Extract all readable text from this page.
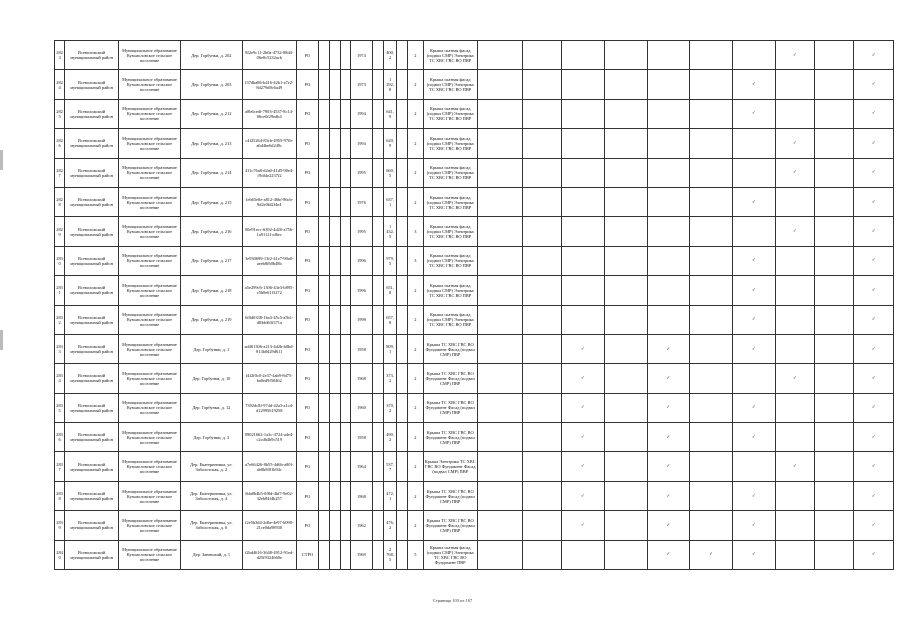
2823	Всеволожский муниципальный район	Муниципальное образование Кузьмоловское сельское поселение	Дер. Горбунки, д. 202	8f2e9c11-2b0a-4732-88d4-06e0c5232acb	РО				1974		400,2		2	Крыша скатная фасад (подвал СМР) Электрика ТС ХВС ГВС ВО ПВР								✓		✓
2824	Всеволожский муниципальный район	Муниципальное образование Кузьмоловское сельское поселение	Дер. Горбунки, д. 203	f37dba86-b416-42b1-a7e2-8d279d8c6a49	РО				1973		1 292,8		2	Крыша скатная фасад (подвал СМР) Электрика ТС ХВС ГВС ВО ПВР							✓			✓
2825	Всеволожский муниципальный район	Муниципальное образование Кузьмоловское сельское поселение	Дер. Горбунки, д. 212	a8b6cedf-7903-4537-8c14-06ce0f29edb4	РО				1994		641,9		2	Крыша скатная фасад (подвал СМР) Электрика ТС ХВС ГВС ВО ПВР							✓			✓
2826	Всеволожский муниципальный район	Муниципальное образование Кузьмоловское сельское поселение	Дер. Горбунки, д. 213	c4f25264-83cb-4955-97fb-a6d4be6d249c	РО				1994		620,9		2	Крыша скатная фасад (подвал СМР) Электрика ТС ХВС ГВС ВО ПВР								✓		✓
2827	Всеволожский муниципальный район	Муниципальное образование Кузьмоловское сельское поселение	Дер. Горбунки, д. 214	411c76a8-d2a0-41d5-90e4-19df4e2237f2	РО				1995		660,5		2	Крыша скатная фасад (подвал СМР) Электрика ТС ХВС ГВС ВО ПВР								✓		✓
2828	Всеволожский муниципальный район	Муниципальное образование Кузьмоловское сельское поселение	Дер. Горбунки, д. 215	1eb65e0e-a812-46bf-86cb-9d2e0fd2f4e4	РО				1976		637,1		2	Крыша скатная фасад (подвал СМР) Электрика ТС ХВС ГВС ВО ПВР							✓			✓
2829	Всеволожский муниципальный район	Муниципальное образование Кузьмоловское сельское поселение	Дер. Горбунки, д. 216	00e91ecc-6392-4d20-a756-1a91121cd6ec	РО				1995		1 432,5		3	Крыша скатная фасад (подвал СМР) Электрика ТС ХВС ГВС ВО ПВР								✓		✓
2830	Всеволожский муниципальный район	Муниципальное образование Кузьмоловское сельское поселение	Дер. Горбунки, д. 217	3e930699-13f2-41e7-90a0-aeeb8f60b48b	РО				1996		979,5		3	Крыша скатная фасад (подвал СМР) Электрика ТС ХВС ГВС ВО ПВР							✓			✓
2831	Всеволожский муниципальный район	Муниципальное образование Кузьмоловское сельское поселение	Дер. Горбунки, д. 218	a5e299c6-1306-43e3-b895-c5b0e61f3272	РО				1996		651,8		2	Крыша скатная фасад (подвал СМР) Электрика ТС ХВС ГВС ВО ПВР							✓			✓
2832	Всеволожский муниципальный район	Муниципальное образование Кузьмоловское сельское поселение	Дер. Горбунки, д. 219	6f0d0338-1ba3-45c5-a5b1-d83dd63f371a	РО				1998		657,8		2	Крыша скатная фасад (подвал СМР) Электрика ТС ХВС ГВС ВО ПВР							✓			✓
2833	Всеволожский муниципальный район	Муниципальное образование Кузьмоловское сельское поселение	Дер. Горбунки, д. 1	ad461306-a213-4d2b-b0bd-813b0d29d611	РО				1958		809,1		2	Крыша ТС ХВС ГВС ВО Фундамент Фасад (подвал СМР) ПВР			✓		✓		✓			✓
2834	Всеволожский муниципальный район	Муниципальное образование Кузьмоловское сельское поселение	Дер. Горбунки, д. 10	f4f2f0c0-2e37-4ab9-8d75-ba0ed9f50462	РО				1968		373,2		2	Крыша ТС ХВС ГВС ВО Фундамент Фасад (подвал СМР) ПВР			✓		✓			✓		✓
2835	Всеволожский муниципальный район	Муниципальное образование Кузьмоловское сельское поселение	Дер. Горбунки, д. 12	7392dc8f-974d-42a3-a1cd-d12995619258	РО				1960		370,2		2	Крыша ТС ХВС ГВС ВО Фундамент Фасад (подвал СМР) ПВР			✓		✓		✓			✓
2836	Всеволожский муниципальный район	Муниципальное образование Кузьмоловское сельское поселение	Дер. Горбунки, д. 3	09021662-1a3c-4724-a4e4-c2cdb4b9c519	РО				1958		490,2		2	Крыша ТС ХВС ГВС ВО Фундамент Фасад (подвал СМР) ПВР			✓		✓		✓			✓
2837	Всеволожский муниципальный район	Муниципальное образование Кузьмоловское сельское поселение	Дер. Екатериновка, ул. Заболотская, д. 2	a7e66426-8b55-4d6b-a80f-ab0b8f81b94c	РО				1964		537,7		2	Крыша Электрика ТС ХВС ГВС ВО Фундамент Фасад (подвал СМР) ПВР			✓		✓			✓		✓
2838	Всеволожский муниципальный район	Муниципальное образование Кузьмоловское сельское поселение	Дер. Екатериновка, ул. Заболотская, д. 4	8da8b4b5-0f8d-4bf7-9e02-32eb84f4b257	РО				1968		472,1		2	Крыша ТС ХВС ГВС ВО Фундамент Фасад (подвал СМР) ПВР			✓		✓		✓			✓
2839	Всеволожский муниципальный район	Муниципальное образование Кузьмоловское сельское поселение	Дер. Екатериновка, ул. Заболотская, д. 6	f2e5b3d4-2d6e-4e97-b090-21ce0da98930	РО				1962		476,2		2	Крыша ТС ХВС ГВС ВО Фундамент Фасад (подвал СМР) ПВР			✓		✓		✓			✓
2840	Всеволожский муниципальный район	Муниципальное образование Кузьмоловское сельское поселение	Дер. Заневский, д. 1	f2bd4616-3648-4912-91ed-d25f9324660e	СТРО				1969		2 768,5		5	Крыша скатная фасад (подвал СМР) Электрика ТС ХВС ГВС ВО Фундамент ПВР					✓	✓	✓			✓
Страница 103 из 167
